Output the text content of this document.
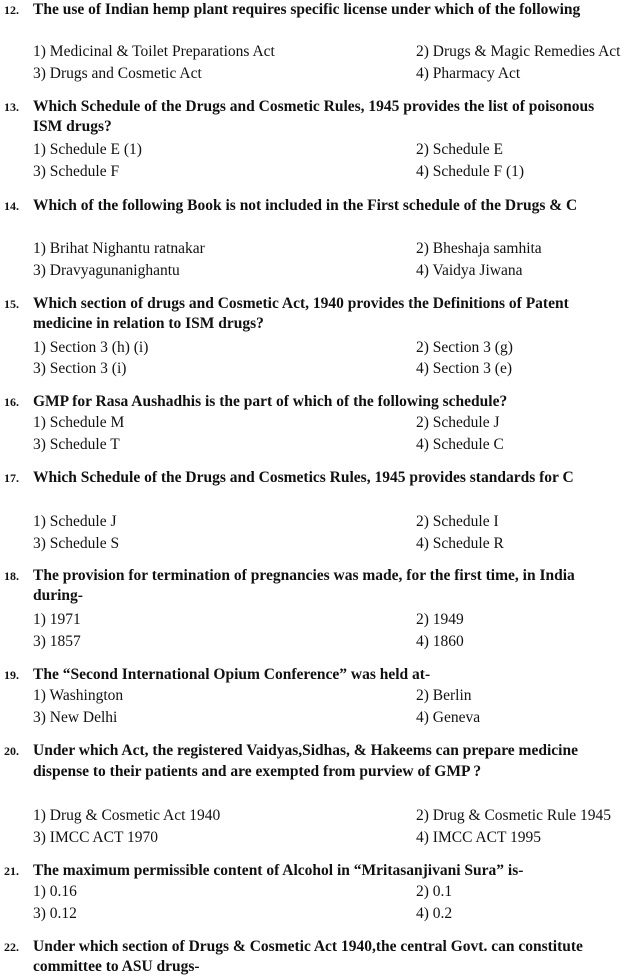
12. The use of Indian hemp plant requires specific license under which of the following
1) Medicinal & Toilet Preparations Act	2) Drugs & Magic Remedies Act
3) Drugs and Cosmetic Act	4) Pharmacy Act
13. Which Schedule of the Drugs and Cosmetic Rules, 1945 provides the list of poisonous
ISM drugs?
1) Schedule E (1)	2) Schedule E
3) Schedule F	4) Schedule F (1)
14. Which of the following Book is not included in the First schedule of the Drugs & C
1) Brihat Nighantu ratnakar	2) Bheshaja samhita
3) Dravyagunanighantu	4) Vaidya Jiwana
15. Which section of drugs and Cosmetic Act, 1940 provides the Definitions of Patent
medicine in relation to ISM drugs?
1) Section 3 (h) (i)	2) Section 3 (g)
3) Section 3 (i)	4) Section 3 (e)
16. GMP for Rasa Aushadhis is the part of which of the following schedule?
1) Schedule M	2) Schedule J
3) Schedule T	4) Schedule C
17. Which Schedule of the Drugs and Cosmetics Rules, 1945 provides standards for C
1) Schedule J	2) Schedule I
3) Schedule S	4) Schedule R
18. The provision for termination of pregnancies was made, for the first time, in India
during-
1) 1971	2) 1949
3) 1857	4) 1860
19. The “Second International Opium Conference” was held at-
1) Washington	2) Berlin
3) New Delhi	4) Geneva
20. Under which Act, the registered Vaidyas,Sidhas, & Hakeems can prepare medicine
dispense to their patients and are exempted from purview of GMP ?
1) Drug & Cosmetic Act 1940	2) Drug & Cosmetic Rule 1945
3) IMCC ACT 1970	4) IMCC ACT 1995
21. The maximum permissible content of Alcohol in “Mritasanjivani Sura” is-
1) 0.16	2) 0.1
3) 0.12	4) 0.2
22. Under which section of Drugs & Cosmetic Act 1940,the central Govt. can constitute
committee to ASU drugs-
